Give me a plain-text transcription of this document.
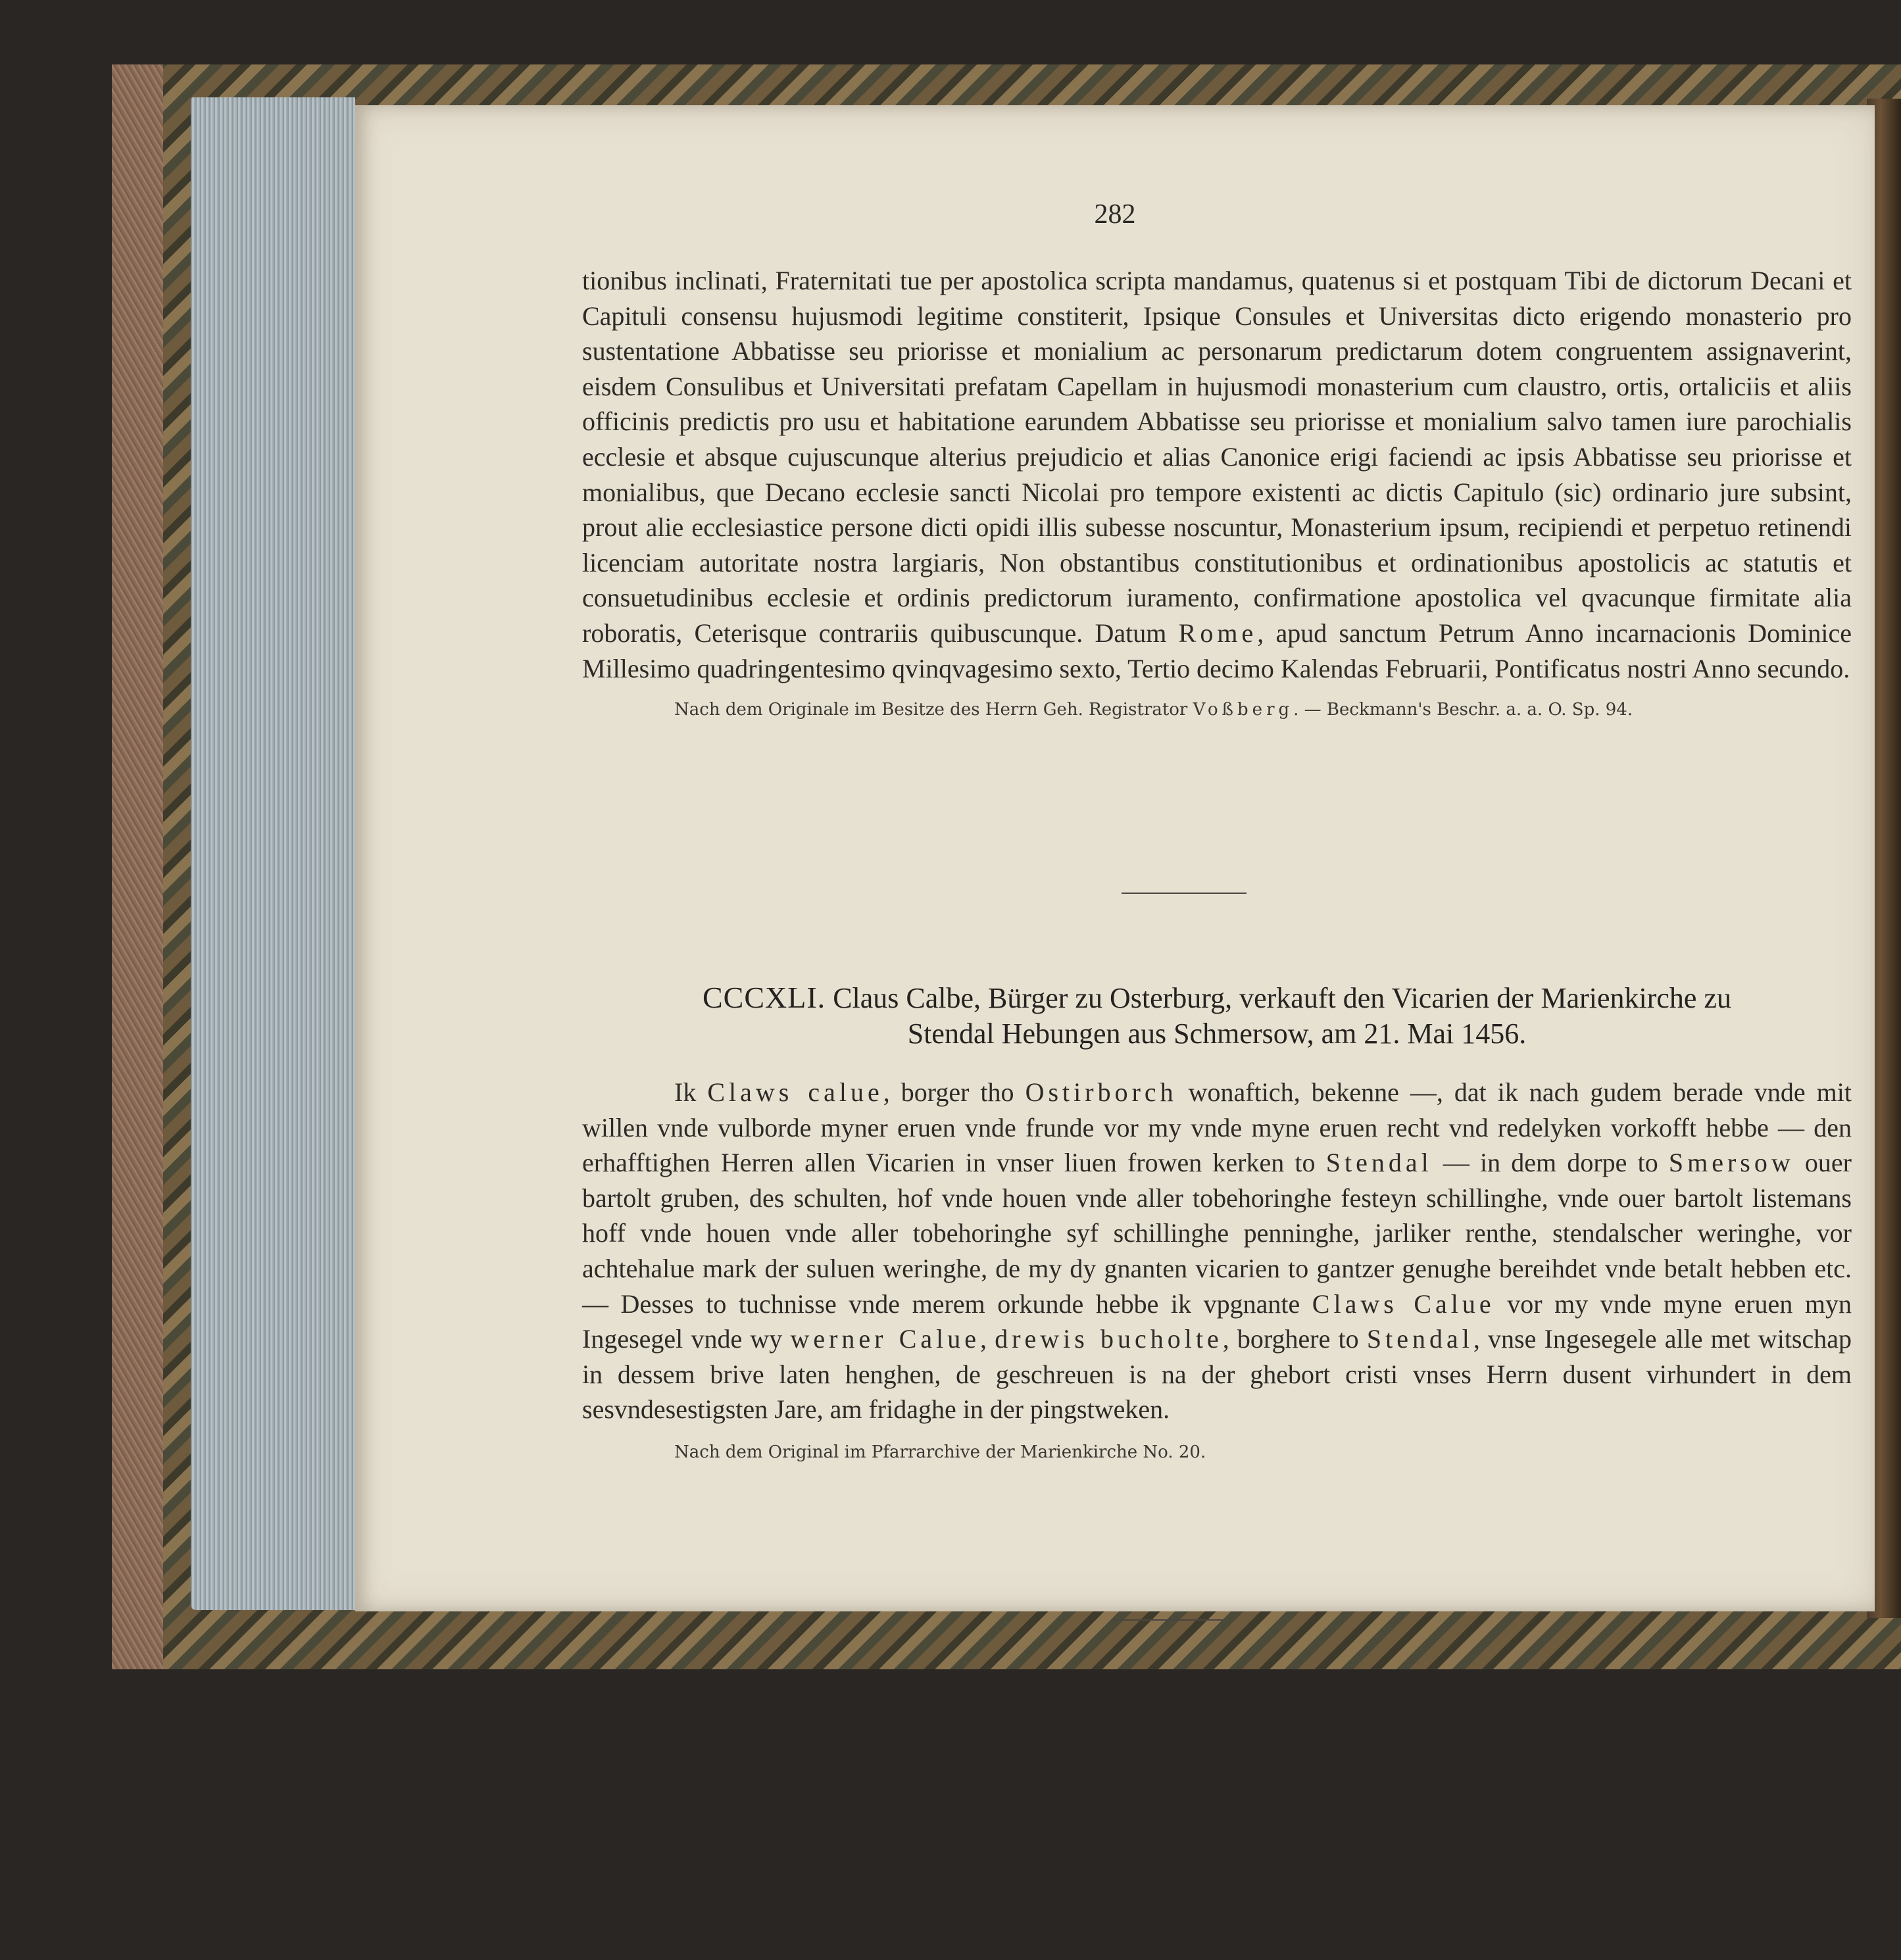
282

tionibus inclinati, Fraternitati tue per apostolica scripta mandamus, quatenus si et postquam Tibi de dictorum Decani et Capituli consensu hujusmodi legitime constiterit, Ipsique Consules et Universitas dicto erigendo monasterio pro sustentatione Abbatisse seu priorisse et monialium ac personarum predictarum dotem congruentem assignaverint, eisdem Consulibus et Universitati prefatam Capellam in hujusmodi monasterium cum claustro, ortis, ortaliciis et aliis officinis predictis pro usu et habitatione earundem Abbatisse seu priorisse et monialium salvo tamen iure parochialis ecclesie et absque cujuscunque alterius prejudicio et alias Canonice erigi faciendi ac ipsis Abbatisse seu priorisse et monialibus, que Decano ecclesie sancti Nicolai pro tempore existenti ac dictis Capitulo (sic) ordinario jure subsint, prout alie ecclesiastice persone dicti opidi illis subesse noscuntur, Monasterium ipsum, recipiendi et perpetuo retinendi licenciam autoritate nostra largiaris, Non obstantibus constitutionibus et ordinationibus apostolicis ac statutis et consuetudinibus ecclesie et ordinis predictorum iuramento, confirmatione apostolica vel qvacunque firmitate alia roboratis, Ceterisque contrariis quibuscunque. Datum Rome, apud sanctum Petrum Anno incarnacionis Dominice Millesimo quadringentesimo qvinqvagesimo sexto, Tertio decimo Kalendas Februarii, Pontificatus nostri Anno secundo.

Nach dem Originale im Besitze des Herrn Geh. Registrator Voßberg. — Beckmann's Beschr. a. a. O. Sp. 94.

CCCXLI. Claus Calbe, Bürger zu Osterburg, verkauft den Vicarien der Marienkirche zu
Stendal Hebungen aus Schmersow, am 21. Mai 1456.

Ik Claws calue, borger tho Ostirborch wonaftich, bekenne —, dat ik nach gudem berade vnde mit willen vnde vulborde myner eruen vnde frunde vor my vnde myne eruen recht vnd redelyken vorkofft hebbe — den erhafftighen Herren allen Vicarien in vnser liuen frowen kerken to Stendal — in dem dorpe to Smersow ouer bartolt gruben, des schulten, hof vnde houen vnde aller tobehoringhe festeyn schillinghe, vnde ouer bartolt listemans hoff vnde houen vnde aller tobehoringhe syf schillinghe penninghe, jarliker renthe, stendalscher weringhe, vor achtehalue mark der suluen weringhe, de my dy gnanten vicarien to gantzer genughe bereihdet vnde betalt hebben etc. — Desses to tuchnisse vnde merem orkunde hebbe ik vpgnante Claws Calue vor my vnde myne eruen myn Ingesegel vnde wy werner Calue, drewis bucholte, borghere to Stendal, vnse Ingesegele alle met witschap in dessem brive laten henghen, de geschreuen is na der ghebort cristi vnses Herrn dusent virhundert in dem sesvndesestigsten Jare, am fridaghe in der pingstweken.

Nach dem Original im Pfarrarchive der Marienkirche No. 20.
